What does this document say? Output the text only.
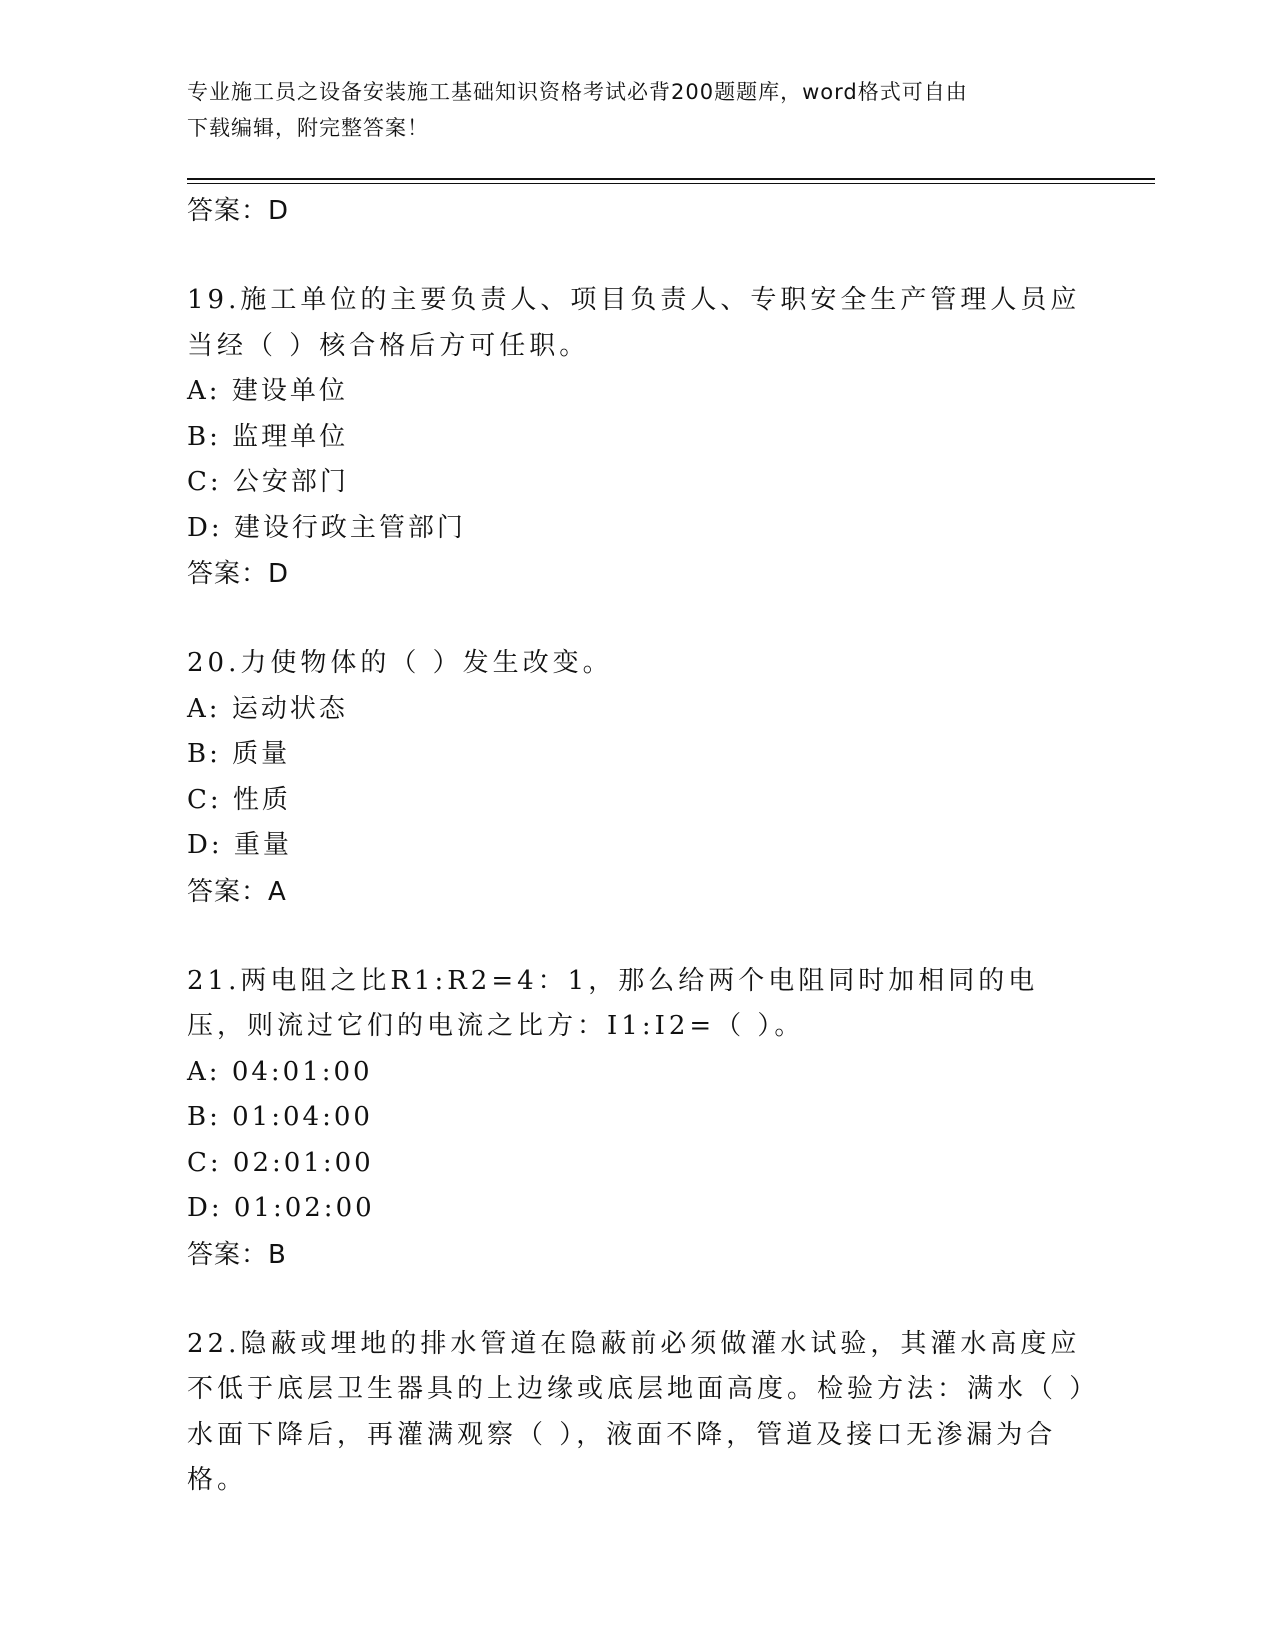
专业施工员之设备安装施工基础知识资格考试必背200题题库，word格式可自由
下载编辑，附完整答案！
答案：D
19.施工单位的主要负责人、项目负责人、专职安全生产管理人员应当经（ ）核合格后方可任职。
A: 建设单位
B: 监理单位
C: 公安部门
D: 建设行政主管部门
答案：D
20.力使物体的（ ）发生改变。
A: 运动状态
B: 质量
C: 性质
D: 重量
答案：A
21.两电阻之比R1:R2=4：1，那么给两个电阻同时加相同的电压，则流过它们的电流之比方：I1:I2=（ ）。
A: 04:01:00
B: 01:04:00
C: 02:01:00
D: 01:02:00
答案：B
22.隐蔽或埋地的排水管道在隐蔽前必须做灌水试验，其灌水高度应不低于底层卫生器具的上边缘或底层地面高度。检验方法：满水（ ）水面下降后，再灌满观察（ ），液面不降，管道及接口无渗漏为合格。
